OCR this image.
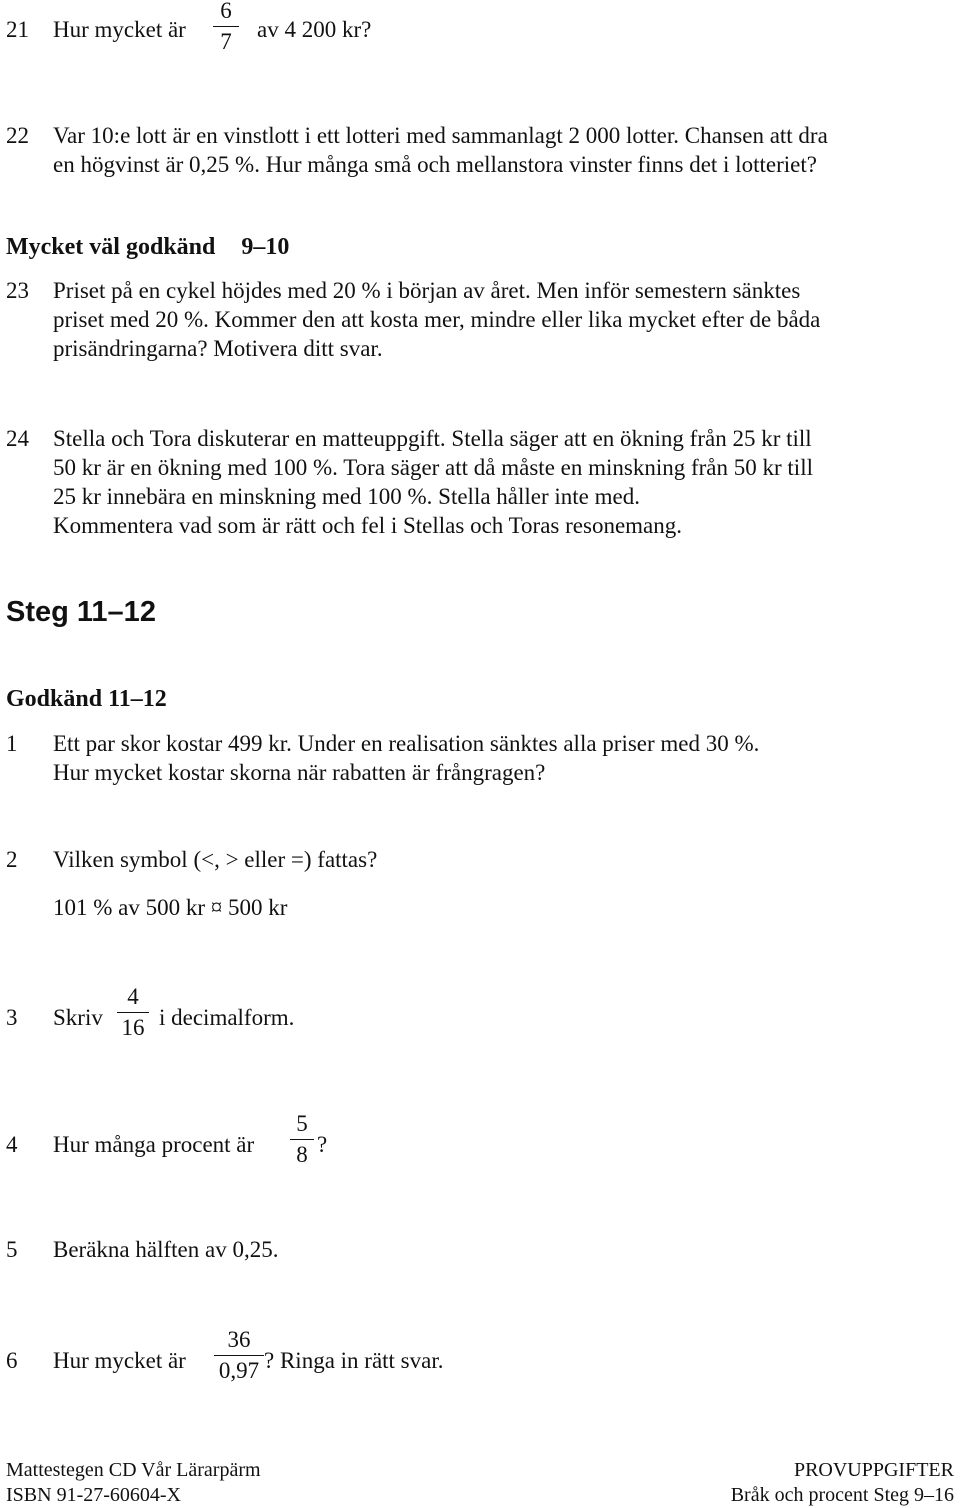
21 Hur mycket är
6
7	av 4 200 kr?
22 Var 10:e lott är en vinstlott i ett lotteri med sammanlagt 2 000 lotter. Chansen att dra
en högvinst är 0,25 %. Hur många små och mellanstora vinster finns det i lotteriet?
Mycket väl godkänd 9–10
23 Priset på en cykel höjdes med 20 % i början av året. Men inför semestern sänktes
priset med 20 %. Kommer den att kosta mer, mindre eller lika mycket efter de båda
prisändringarna? Motivera ditt svar.
24 Stella och Tora diskuterar en matteuppgift. Stella säger att en ökning från 25 kr till
50 kr är en ökning med 100 %. Tora säger att då måste en minskning från 50 kr till
25 kr innebära en minskning med 100 %. Stella håller inte med.
Kommentera vad som är rätt och fel i Stellas och Toras resonemang.
Steg 11–12
Godkänd 11–12
1 Ett par skor kostar 499 kr. Under en realisation sänktes alla priser med 30 %.
Hur mycket kostar skorna när rabatten är frångragen?
2 Vilken symbol (<, > eller =) fattas?
101 % av 500 kr ¤ 500 kr
3 Skriv
4
16 i decimalform.
4 Hur många procent är
5
8 ?
5 Beräkna hälften av 0,25.
6 Hur mycket är
36
0,97 ? Ringa in rätt svar.
Mattestegen CD Vår Lärarpärm
ISBN 91-27-60604-X
PROVUPPGIFTER
Bråk och procent Steg 9–16
